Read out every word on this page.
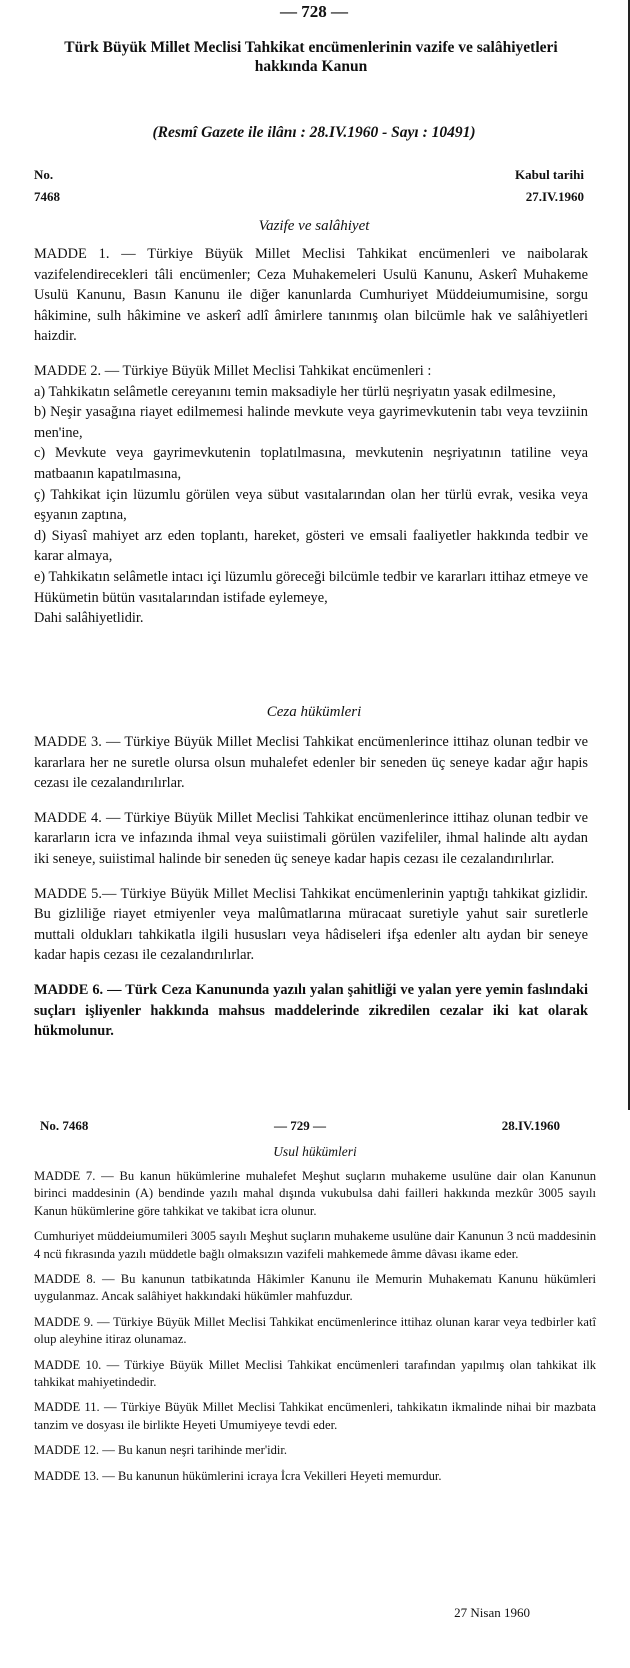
— 728 —
Türk Büyük Millet Meclisi Tahkikat encümenlerinin vazife ve salâhiyetleri hakkında Kanun
(Resmî Gazete ile ilânı : 28.IV.1960 - Sayı : 10491)
No.
7468
Kabul tarihi
27.IV.1960
Vazife ve salâhiyet

MADDE 1. — Türkiye Büyük Millet Meclisi Tahkikat encümenleri ve naibolarak vazifelendirecekleri tâli encümenler; Ceza Muhakemeleri Usulü Kanunu, Askerî Muhakeme Usulü Kanunu, Basın Kanunu ile diğer kanunlarda Cumhuriyet Müddeiumumisine, sorgu hâkimine, sulh hâkimine ve askerî adlî âmirlere tanınmış olan bilcümle hak ve salâhiyetleri haizdir.

MADDE 2. — Türkiye Büyük Millet Meclisi Tahkikat encümenleri :

a) Tahkikatın selâmetle cereyanını temin maksadiyle her türlü neşriyatın yasak edilmesine,

b) Neşir yasağına riayet edilmemesi halinde mevkute veya gayrimevkutenin tabı veya tevziinin men'ine,

c) Mevkute veya gayrimevkutenin toplatılmasına, mevkutenin neşriyatının tatiline veya matbaanın kapatılmasına,

ç) Tahkikat için lüzumlu görülen veya sübut vasıtalarından olan her türlü evrak, vesika veya eşyanın zaptına,

d) Siyasî mahiyet arz eden toplantı, hareket, gösteri ve emsali faaliyetler hakkında tedbir ve karar almaya,

e) Tahkikatın selâmetle intacı içi lüzumlu göreceği bilcümle tedbir ve kararları ittihaz etmeye ve Hükümetin bütün vasıtalarından istifade eylemeye,

Dahi salâhiyetlidir.

Ceza hükümleri

MADDE 3. — Türkiye Büyük Millet Meclisi Tahkikat encümenlerince ittihaz olunan tedbir ve kararlara her ne suretle olursa olsun muhalefet edenler bir seneden üç seneye kadar ağır hapis cezası ile cezalandırılırlar.

MADDE 4. — Türkiye Büyük Millet Meclisi Tahkikat encümenlerince ittihaz olunan tedbir ve kararların icra ve infazında ihmal veya suiistimali görülen vazifeliler, ihmal halinde altı aydan iki seneye, suiistimal halinde bir seneden üç seneye kadar hapis cezası ile cezalandırılırlar.

MADDE 5.— Türkiye Büyük Millet Meclisi Tahkikat encümenlerinin yaptığı tahkikat gizlidir. Bu gizliliğe riayet etmiyenler veya malûmatlarına müracaat suretiyle yahut sair suretlerle muttali oldukları tahkikatla ilgili hususları veya hâdiseleri ifşa edenler altı aydan bir seneye kadar hapis cezası ile cezalandırılırlar.

MADDE 6. — Türk Ceza Kanununda yazılı yalan şahitliği ve yalan yere yemin faslındaki suçları işliyenler hakkında mahsus maddelerinde zikredilen cezalar iki kat olarak hükmolunur.

No. 7468	— 729 —	28.IV.1960
Usul hükümleri

MADDE 7. — Bu kanun hükümlerine muhalefet Meşhut suçların muhakeme usulüne dair olan Kanunun birinci maddesinin (A) bendinde yazılı mahal dışında vukubulsa dahi failleri hakkında mezkûr 3005 sayılı Kanun hükümlerine göre tahkikat ve takibat icra olunur.

Cumhuriyet müddeiumumileri 3005 sayılı Meşhut suçların muhakeme usulüne dair Kanunun 3 ncü maddesinin 4 ncü fıkrasında yazılı müddetle bağlı olmaksızın vazifeli mahkemede âmme dâvası ikame eder.

MADDE 8. — Bu kanunun tatbikatında Hâkimler Kanunu ile Memurin Muhakematı Kanunu hükümleri uygulanmaz. Ancak salâhiyet hakkındaki hükümler mahfuzdur.

MADDE 9. — Türkiye Büyük Millet Meclisi Tahkikat encümenlerince ittihaz olunan karar veya tedbirler katî olup aleyhine itiraz olunamaz.

MADDE 10. — Türkiye Büyük Millet Meclisi Tahkikat encümenleri tarafından yapılmış olan tahkikat ilk tahkikat mahiyetindedir.

MADDE 11. — Türkiye Büyük Millet Meclisi Tahkikat encümenleri, tahkikatın ikmalinde nihai bir mazbata tanzim ve dosyası ile birlikte Heyeti Umumiyeye tevdi eder.

MADDE 12. — Bu kanun neşri tarihinde mer'idir.

MADDE 13. — Bu kanunun hükümlerini icraya İcra Vekilleri Heyeti memurdur.

27 Nisan 1960
